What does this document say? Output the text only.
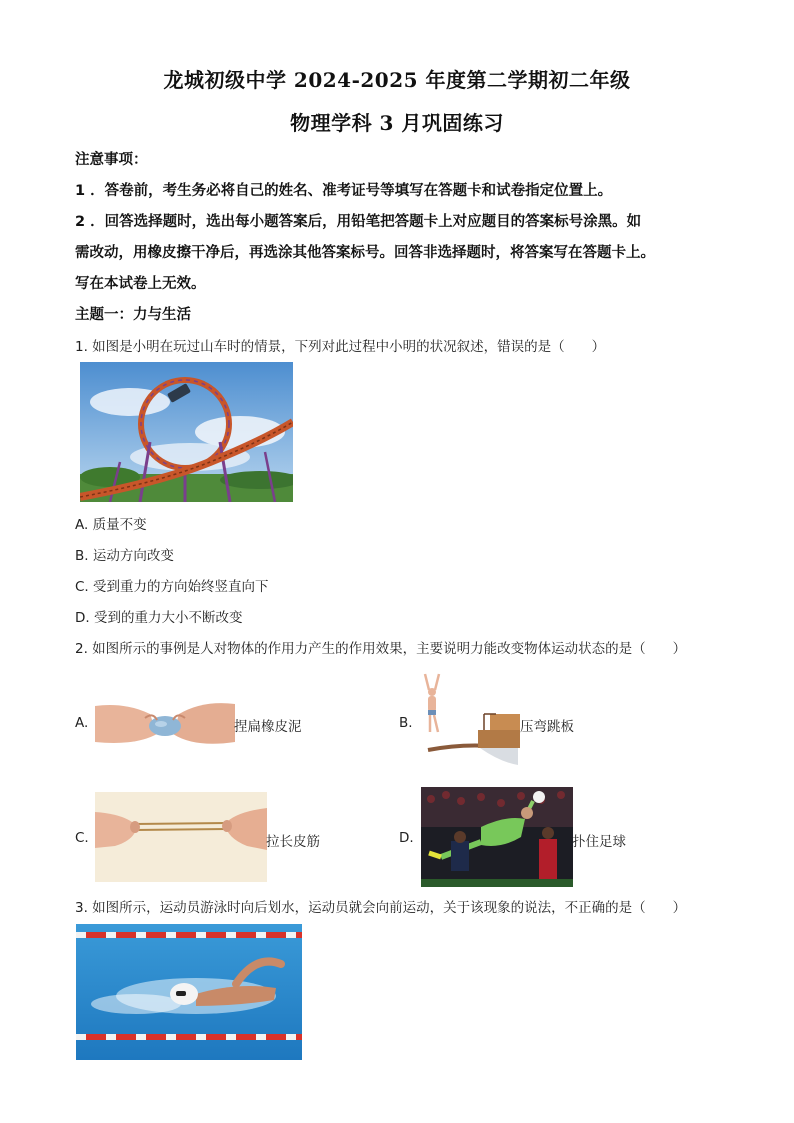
龙城初级中学 2024-2025 年度第二学期初二年级
物理学科 3 月巩固练习
注意事项：
1 ．答卷前，考生务必将自己的姓名、准考证号等填写在答题卡和试卷指定位置上。
2 ．回答选择题时，选出每小题答案后，用铅笔把答题卡上对应题目的答案标号涂黑。如
需改动，用橡皮擦干净后，再选涂其他答案标号。回答非选择题时，将答案写在答题卡上。
写在本试卷上无效。
主题一：力与生活
1. 如图是小明在玩过山车时的情景，下列对此过程中小明的状况叙述，错误的是（　　）
A. 质量不变
B. 运动方向改变
C. 受到重力的方向始终竖直向下
D. 受到的重力大小不断改变
2. 如图所示的事例是人对物体的作用力产生的作用效果，主要说明力能改变物体运动状态的是（　　）
A.	捏扁橡皮泥	B.	压弯跳板
C.	拉长皮筋	D.	扑住足球
3. 如图所示，运动员游泳时向后划水，运动员就会向前运动，关于该现象的说法，不正确的是（　　）
